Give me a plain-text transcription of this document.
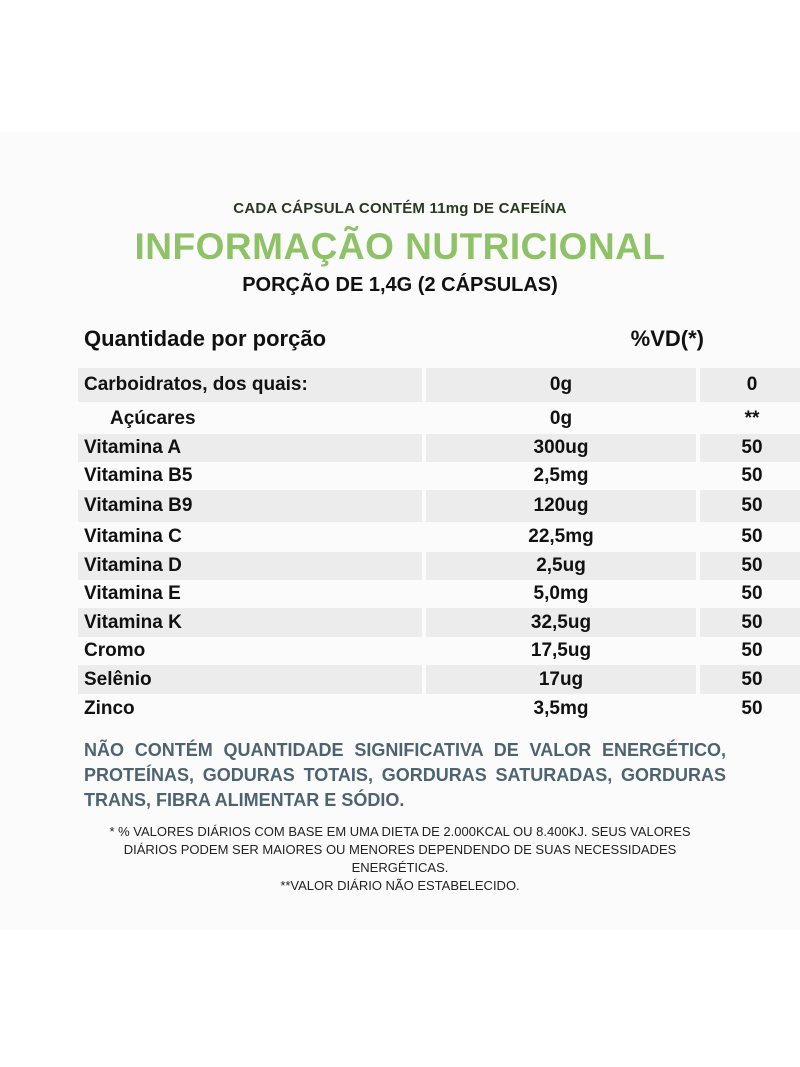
CADA CÁPSULA CONTÉM 11mg DE CAFEÍNA
INFORMAÇÃO NUTRICIONAL
PORÇÃO DE 1,4G (2 CÁPSULAS)
Quantidade por porção	%VD(*)
Carboidratos, dos quais:	0g	0
Açúcares	0g	**
Vitamina A	300ug	50
Vitamina B5	2,5mg	50
Vitamina B9	120ug	50
Vitamina C	22,5mg	50
Vitamina D	2,5ug	50
Vitamina E	5,0mg	50
Vitamina K	32,5ug	50
Cromo	17,5ug	50
Selênio	17ug	50
Zinco	3,5mg	50
NÃO CONTÉM QUANTIDADE SIGNIFICATIVA DE VALOR ENERGÉTICO, PROTEÍNAS, GODURAS TOTAIS, GORDURAS SATURADAS, GORDURAS TRANS, FIBRA ALIMENTAR E SÓDIO.
* % VALORES DIÁRIOS COM BASE EM UMA DIETA DE 2.000KCAL OU 8.400KJ. SEUS VALORES DIÁRIOS PODEM SER MAIORES OU MENORES DEPENDENDO DE SUAS NECESSIDADES ENERGÉTICAS.
**VALOR DIÁRIO NÃO ESTABELECIDO.
